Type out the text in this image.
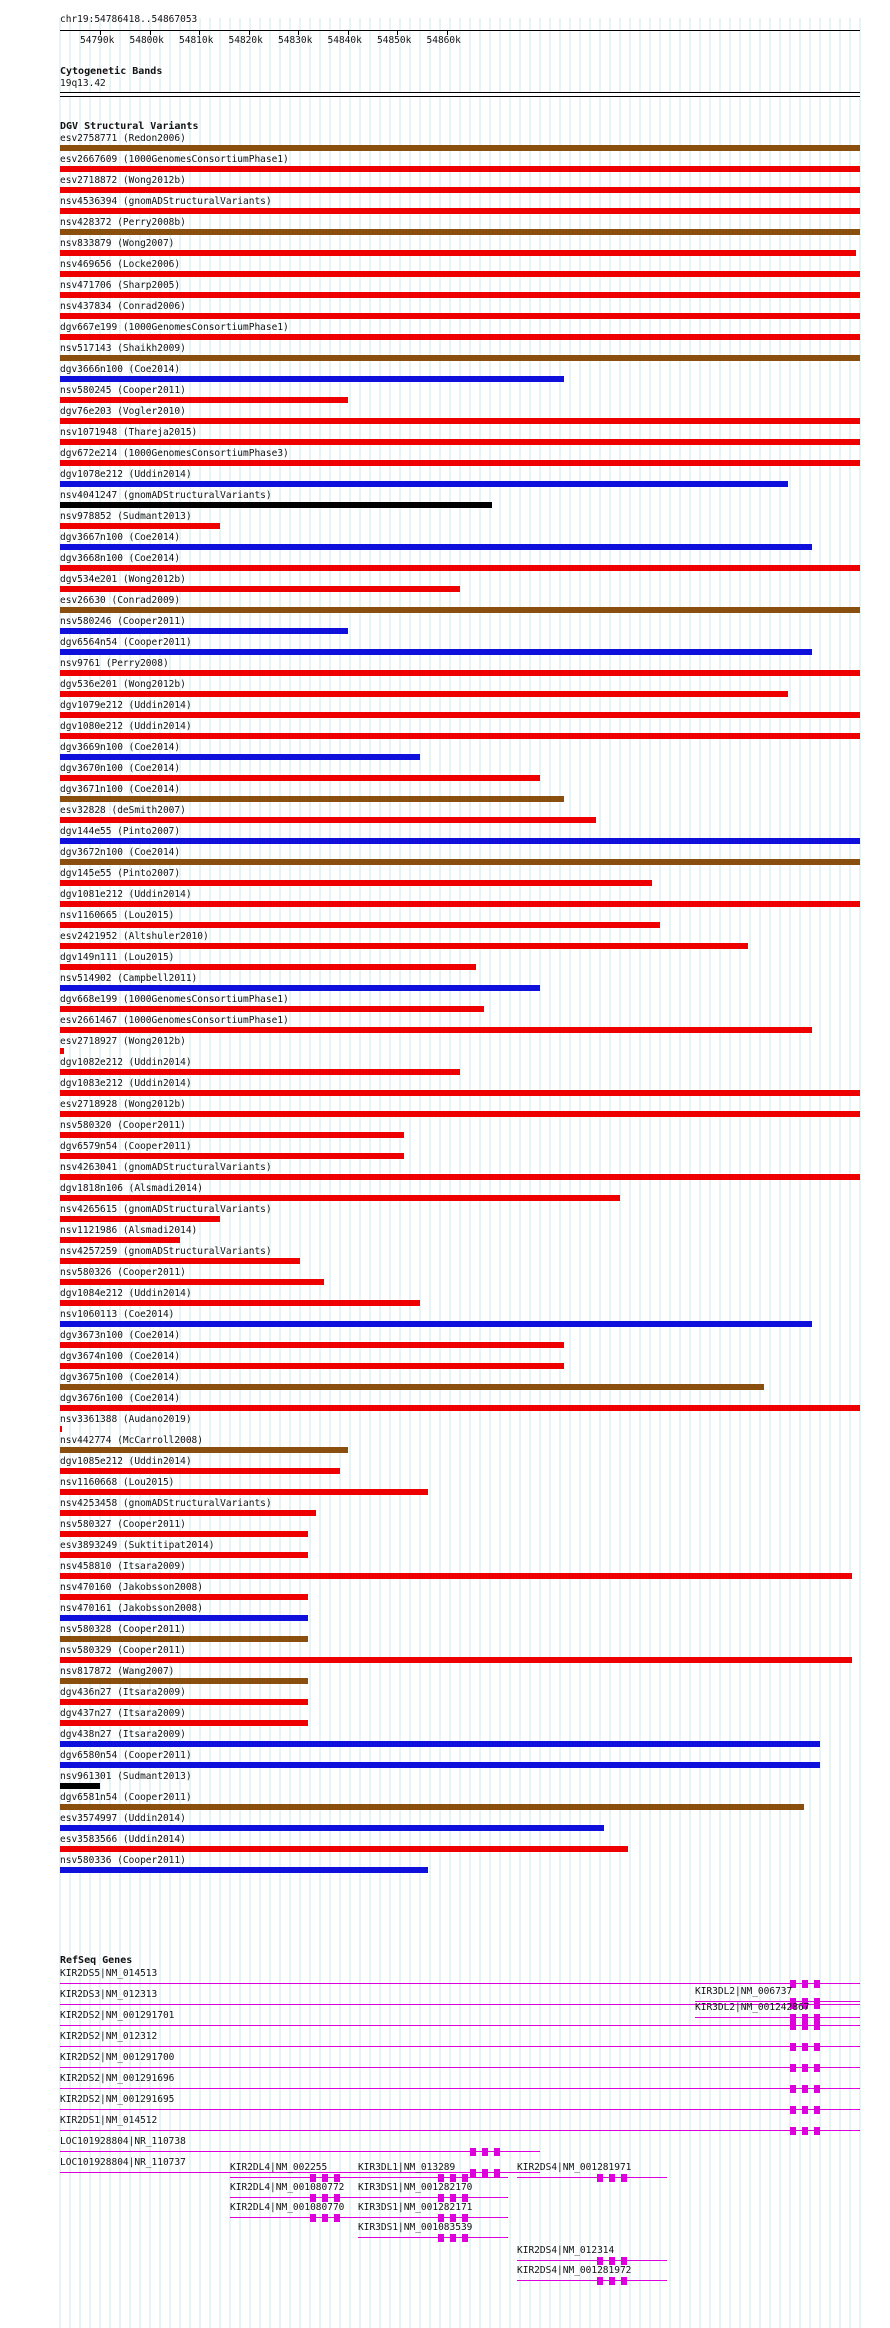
chr19:54786418..54867053
54790k 54800k 54810k 54820k 54830k 54840k 54850k 54860k
Cytogenetic Bands
19q13.42
DGV Structural Variants
esv2758771 (Redon2006)
esv2667609 (1000GenomesConsortiumPhase1)
esv2718872 (Wong2012b)
nsv4536394 (gnomADStructuralVariants)
nsv428372 (Perry2008b)
nsv833879 (Wong2007)
nsv469656 (Locke2006)
nsv471706 (Sharp2005)
nsv437834 (Conrad2006)
dgv667e199 (1000GenomesConsortiumPhase1)
nsv517143 (Shaikh2009)
dgv3666n100 (Coe2014)
nsv580245 (Cooper2011)
dgv76e203 (Vogler2010)
nsv1071948 (Thareja2015)
dgv672e214 (1000GenomesConsortiumPhase3)
dgv1078e212 (Uddin2014)
nsv4041247 (gnomADStructuralVariants)
nsv978852 (Sudmant2013)
dgv3667n100 (Coe2014)
dgv3668n100 (Coe2014)
dgv534e201 (Wong2012b)
esv26630 (Conrad2009)
nsv580246 (Cooper2011)
dgv6564n54 (Cooper2011)
nsv9761 (Perry2008)
dgv536e201 (Wong2012b)
dgv1079e212 (Uddin2014)
dgv1080e212 (Uddin2014)
dgv3669n100 (Coe2014)
dgv3670n100 (Coe2014)
dgv3671n100 (Coe2014)
esv32828 (deSmith2007)
dgv144e55 (Pinto2007)
dgv3672n100 (Coe2014)
dgv145e55 (Pinto2007)
dgv1081e212 (Uddin2014)
nsv1160665 (Lou2015)
esv2421952 (Altshuler2010)
dgv149n111 (Lou2015)
nsv514902 (Campbell2011)
dgv668e199 (1000GenomesConsortiumPhase1)
esv2661467 (1000GenomesConsortiumPhase1)
esv2718927 (Wong2012b)
dgv1082e212 (Uddin2014)
dgv1083e212 (Uddin2014)
esv2718928 (Wong2012b)
nsv580320 (Cooper2011)
dgv6579n54 (Cooper2011)
nsv4263041 (gnomADStructuralVariants)
dgv1818n106 (Alsmadi2014)
nsv4265615 (gnomADStructuralVariants)
nsv1121986 (Alsmadi2014)
nsv4257259 (gnomADStructuralVariants)
nsv580326 (Cooper2011)
dgv1084e212 (Uddin2014)
nsv1060113 (Coe2014)
dgv3673n100 (Coe2014)
dgv3674n100 (Coe2014)
dgv3675n100 (Coe2014)
dgv3676n100 (Coe2014)
nsv3361388 (Audano2019)
nsv442774 (McCarroll2008)
dgv1085e212 (Uddin2014)
nsv1160668 (Lou2015)
nsv4253458 (gnomADStructuralVariants)
nsv580327 (Cooper2011)
esv3893249 (Suktitipat2014)
nsv458810 (Itsara2009)
nsv470160 (Jakobsson2008)
nsv470161 (Jakobsson2008)
nsv580328 (Cooper2011)
nsv580329 (Cooper2011)
nsv817872 (Wang2007)
dgv436n27 (Itsara2009)
dgv437n27 (Itsara2009)
dgv438n27 (Itsara2009)
dgv6580n54 (Cooper2011)
nsv961301 (Sudmant2013)
dgv6581n54 (Cooper2011)
esv3574997 (Uddin2014)
esv3583566 (Uddin2014)
nsv580336 (Cooper2011)
RefSeq Genes
KIR2DS5|NM_014513
KIR2DS3|NM_012313
KIR2DS2|NM_001291701
KIR2DS2|NM_012312
KIR2DS2|NM_001291700
KIR2DS2|NM_001291696
KIR2DS2|NM_001291695
KIR2DS1|NM_014512
LOC101928804|NR_110738
LOC101928804|NR_110737
KIR3DL2|NM_006737
KIR3DL2|NM_001242867
KIR2DL4|NM_002255
KIR2DL4|NM_001080772
KIR2DL4|NM_001080770
KIR3DL1|NM_013289
KIR3DS1|NM_001282170
KIR3DS1|NM_001282171
KIR3DS1|NM_001083539
KIR2DS4|NM_001281971
KIR2DS4|NM_012314
KIR2DS4|NM_001281972
